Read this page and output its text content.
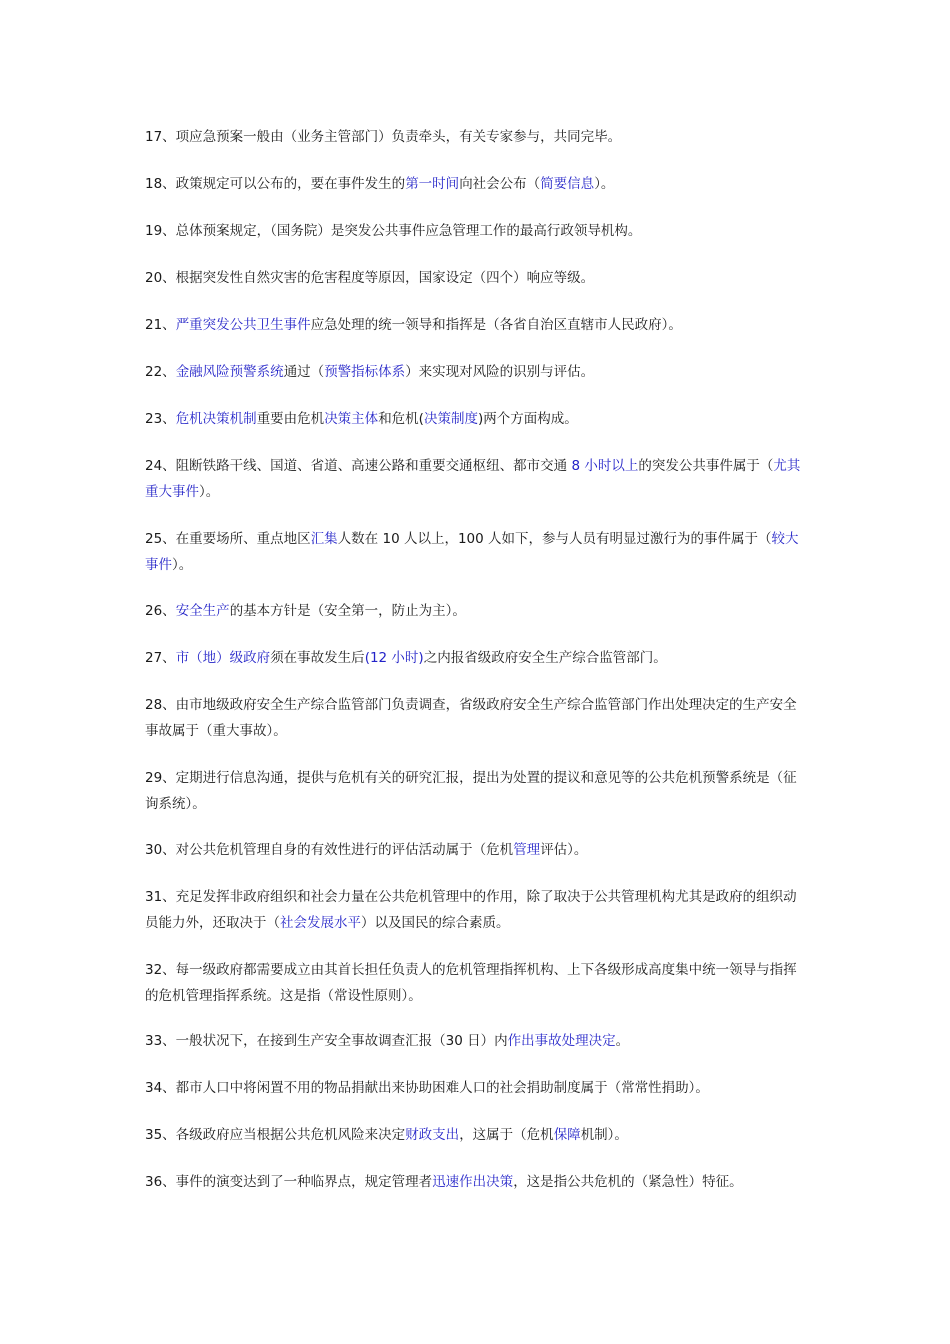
17、项应急预案一般由（业务主管部门）负责牵头，有关专家参与，共同完毕。

18、政策规定可以公布的，要在事件发生的第一时间向社会公布（简要信息）。

19、总体预案规定，（国务院）是突发公共事件应急管理工作的最高行政领导机构。

20、根据突发性自然灾害的危害程度等原因，国家设定（四个）响应等级。

21、严重突发公共卫生事件应急处理的统一领导和指挥是（各省自治区直辖市人民政府）。

22、金融风险预警系统通过（预警指标体系）来实现对风险的识别与评估。

23、危机决策机制重要由危机决策主体和危机(决策制度)两个方面构成。

24、阻断铁路干线、国道、省道、高速公路和重要交通枢纽、都市交通 8 小时以上的突发公共事件属于（尤其重大事件）。

25、在重要场所、重点地区汇集人数在 10 人以上，100 人如下，参与人员有明显过激行为的事件属于（较大事件）。

26、安全生产的基本方针是（安全第一，防止为主）。

27、市（地）级政府须在事故发生后(12 小时)之内报省级政府安全生产综合监管部门。

28、由市地级政府安全生产综合监管部门负责调查，省级政府安全生产综合监管部门作出处理决定的生产安全事故属于（重大事故）。

29、定期进行信息沟通，提供与危机有关的研究汇报，提出为处置的提议和意见等的公共危机预警系统是（征询系统）。

30、对公共危机管理自身的有效性进行的评估活动属于（危机管理评估）。

31、充足发挥非政府组织和社会力量在公共危机管理中的作用，除了取决于公共管理机构尤其是政府的组织动员能力外，还取决于（社会发展水平）以及国民的综合素质。

32、每一级政府都需要成立由其首长担任负责人的危机管理指挥机构、上下各级形成高度集中统一领导与指挥的危机管理指挥系统。这是指（常设性原则）。

33、一般状况下，在接到生产安全事故调查汇报（30 日）内作出事故处理决定。

34、都市人口中将闲置不用的物品捐献出来协助困难人口的社会捐助制度属于（常常性捐助）。

35、各级政府应当根据公共危机风险来决定财政支出，这属于（危机保障机制）。

36、事件的演变达到了一种临界点，规定管理者迅速作出决策，这是指公共危机的（紧急性）特征。
